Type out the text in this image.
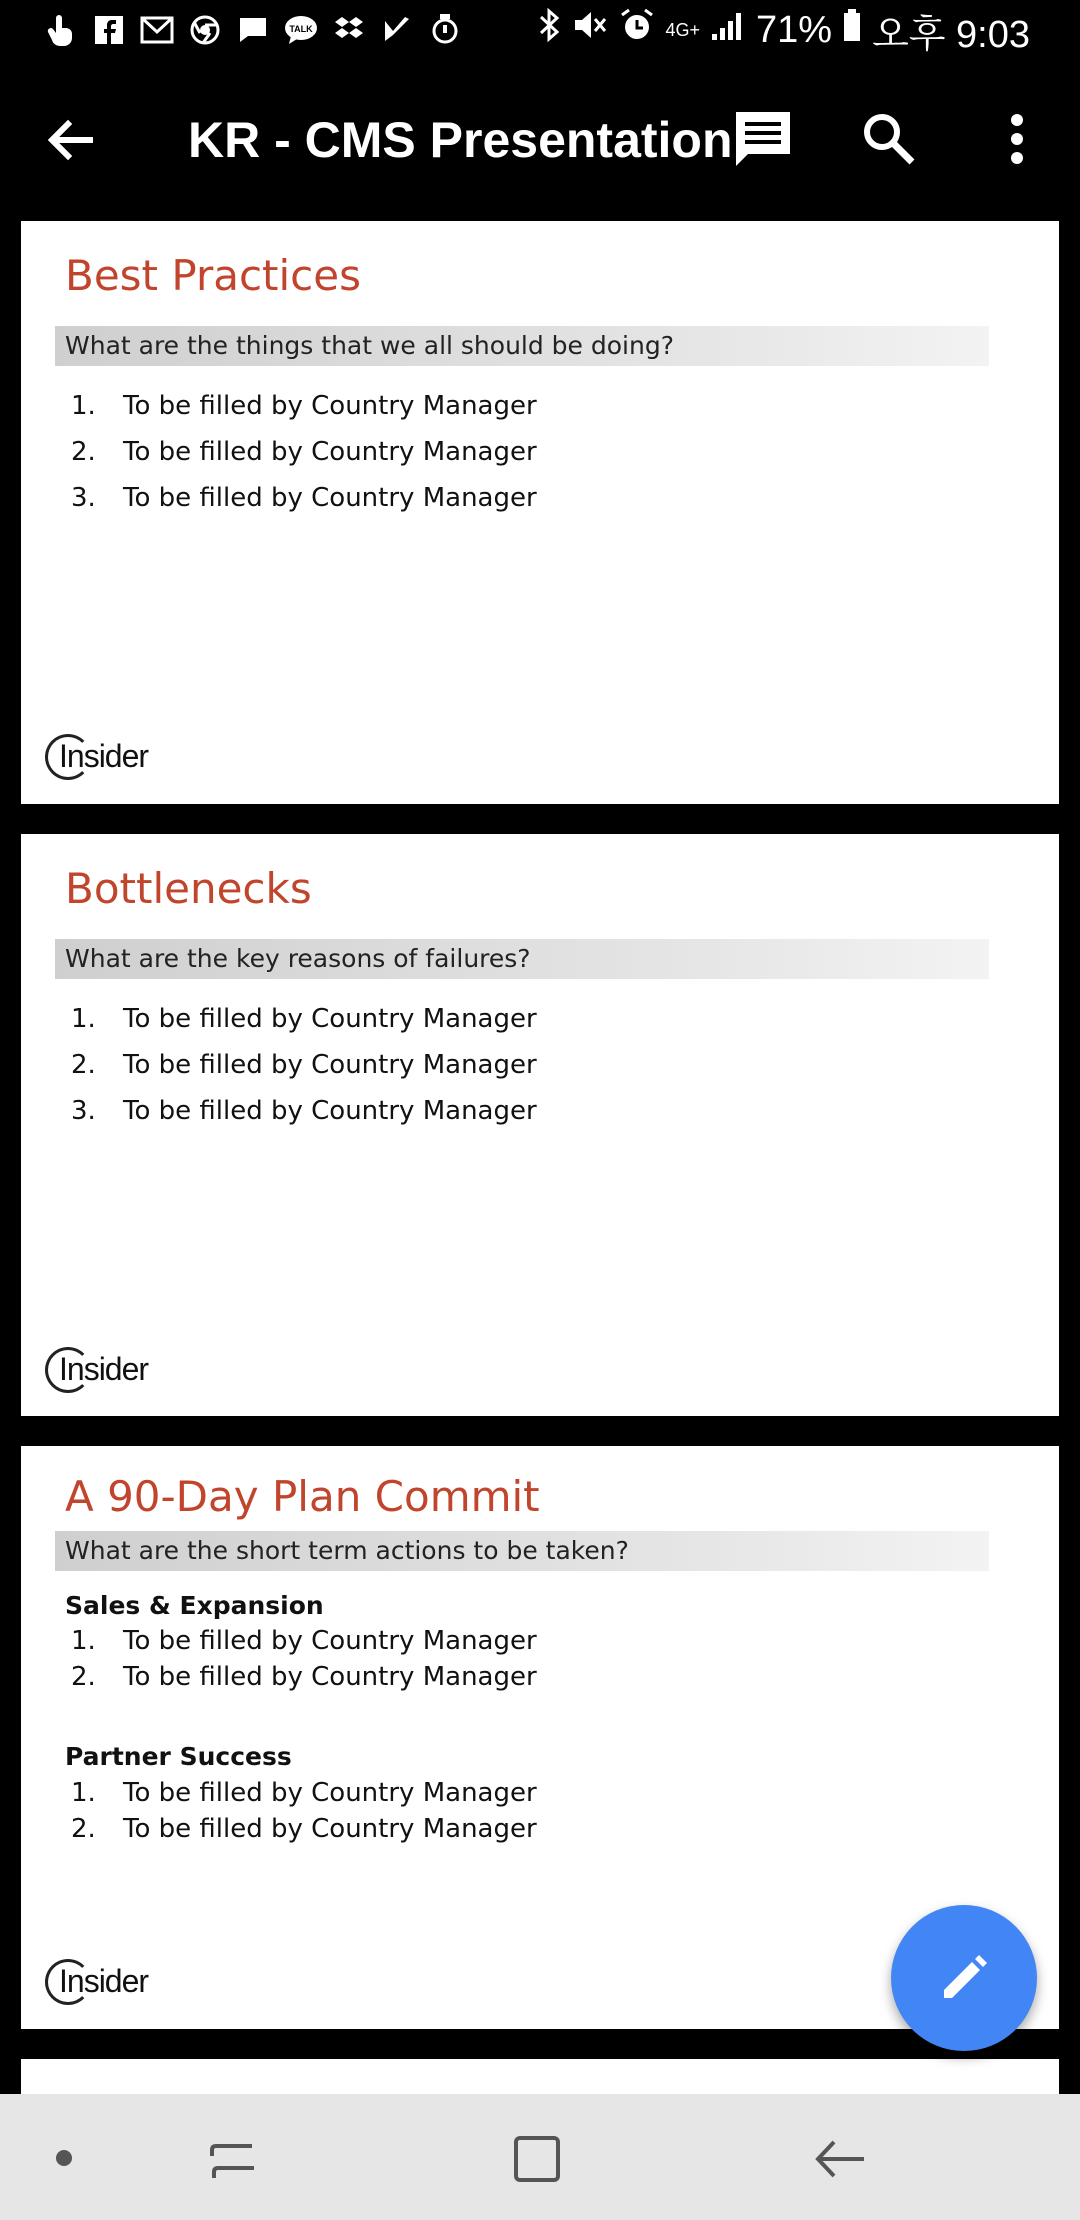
TALK	4G+ 71% 오후 9:03
KR - CMS Presentation
Best Practices
What are the things that we all should be doing?
1.	To be filled by Country Manager
2.	To be filled by Country Manager
3.	To be filled by Country Manager
Insider
Bottlenecks
What are the key reasons of failures?
1.	To be filled by Country Manager
2.	To be filled by Country Manager
3.	To be filled by Country Manager
Insider
A 90-Day Plan Commit
What are the short term actions to be taken?
Sales & Expansion
1.	To be filled by Country Manager
2.	To be filled by Country Manager
Partner Success
1.	To be filled by Country Manager
2.	To be filled by Country Manager
Insider
